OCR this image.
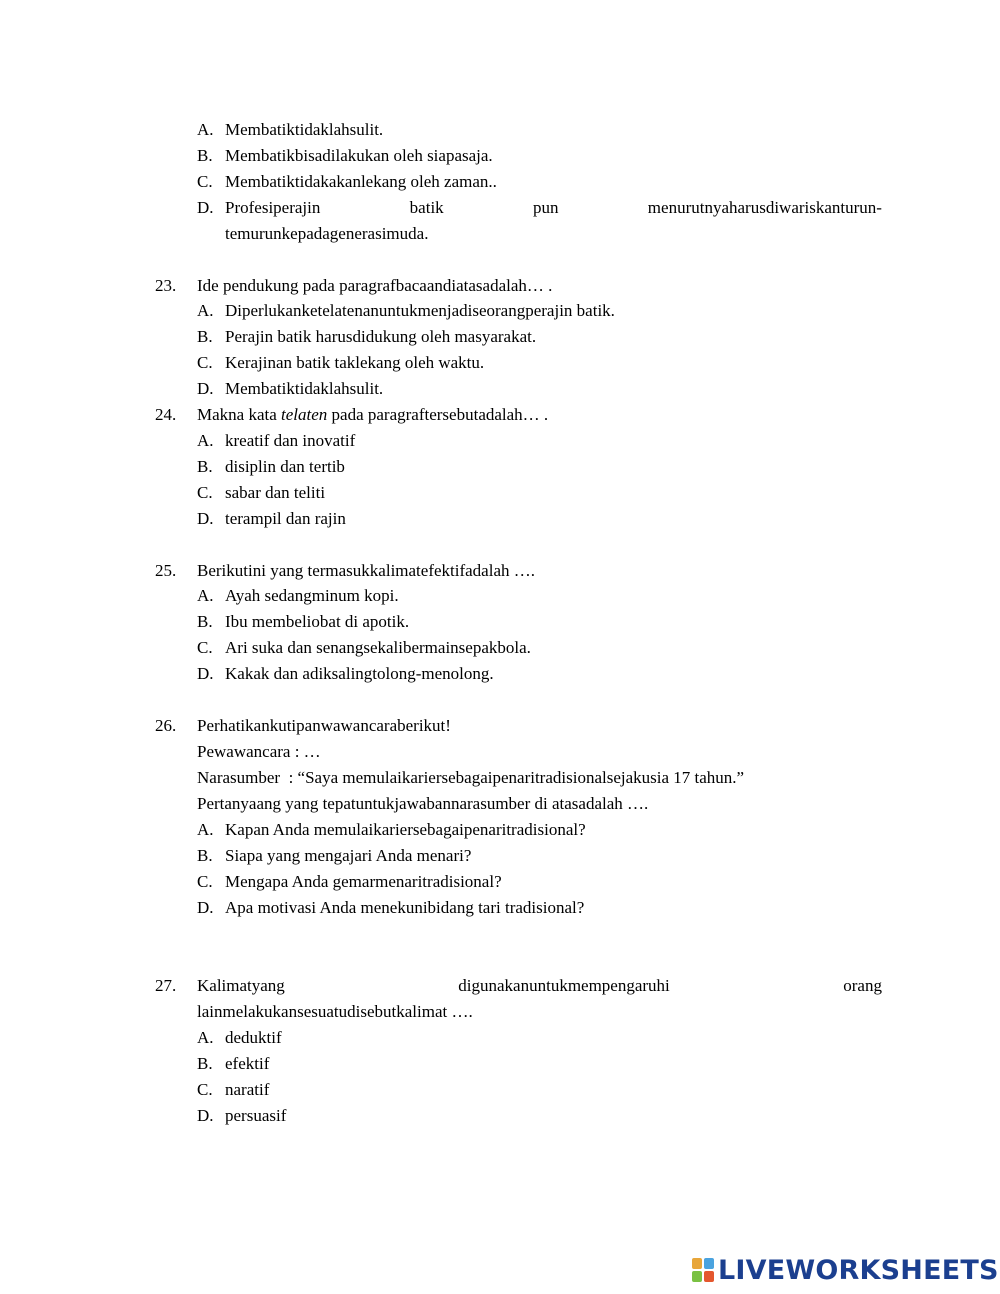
A. Membatiktidaklahsulit.
B. Membatikbisadilakukan oleh siapasaja.
C. Membatiktidakakanlekang oleh zaman..
D. Profesiperajin	batik	pun	menurutnyaharusdiwariskanturun-
temurunkepadagenerasimuda.
23. Ide pendukung pada paragrafbacaandiatasadalah… .
A. Diperlukanketelatenanuntukmenjadiseorangperajin batik.
B. Perajin batik harusdidukung oleh masyarakat.
C. Kerajinan batik taklekang oleh waktu.
D. Membatiktidaklahsulit.
24. Makna kata telaten pada paragraftersebutadalah… .
A. kreatif dan inovatif
B. disiplin dan tertib
C. sabar dan teliti
D. terampil dan rajin
25. Berikutini yang termasukkalimatefektifadalah ….
A. Ayah sedangminum kopi.
B. Ibu membeliobat di apotik.
C. Ari suka dan senangsekalibermainsepakbola.
D. Kakak dan adiksalingtolong-menolong.
26. Perhatikankutipanwawancaraberikut!
Pewawancara : …
Narasumber  : “Saya memulaikariersebagaipenaritradisionalsejakusia 17 tahun.”
Pertanyaang yang tepatuntukjawabannarasumber di atasadalah ….
A. Kapan Anda memulaikariersebagaipenaritradisional?
B. Siapa yang mengajari Anda menari?
C. Mengapa Anda gemarmenaritradisional?
D. Apa motivasi Anda menekunibidang tari tradisional?
27. Kalimatyang	digunakanuntukmempengaruhi	orang
lainmelakukansesuatudisebutkalimat ….
A. deduktif
B. efektif
C. naratif
D. persuasif
LIVEWORKSHEETS
